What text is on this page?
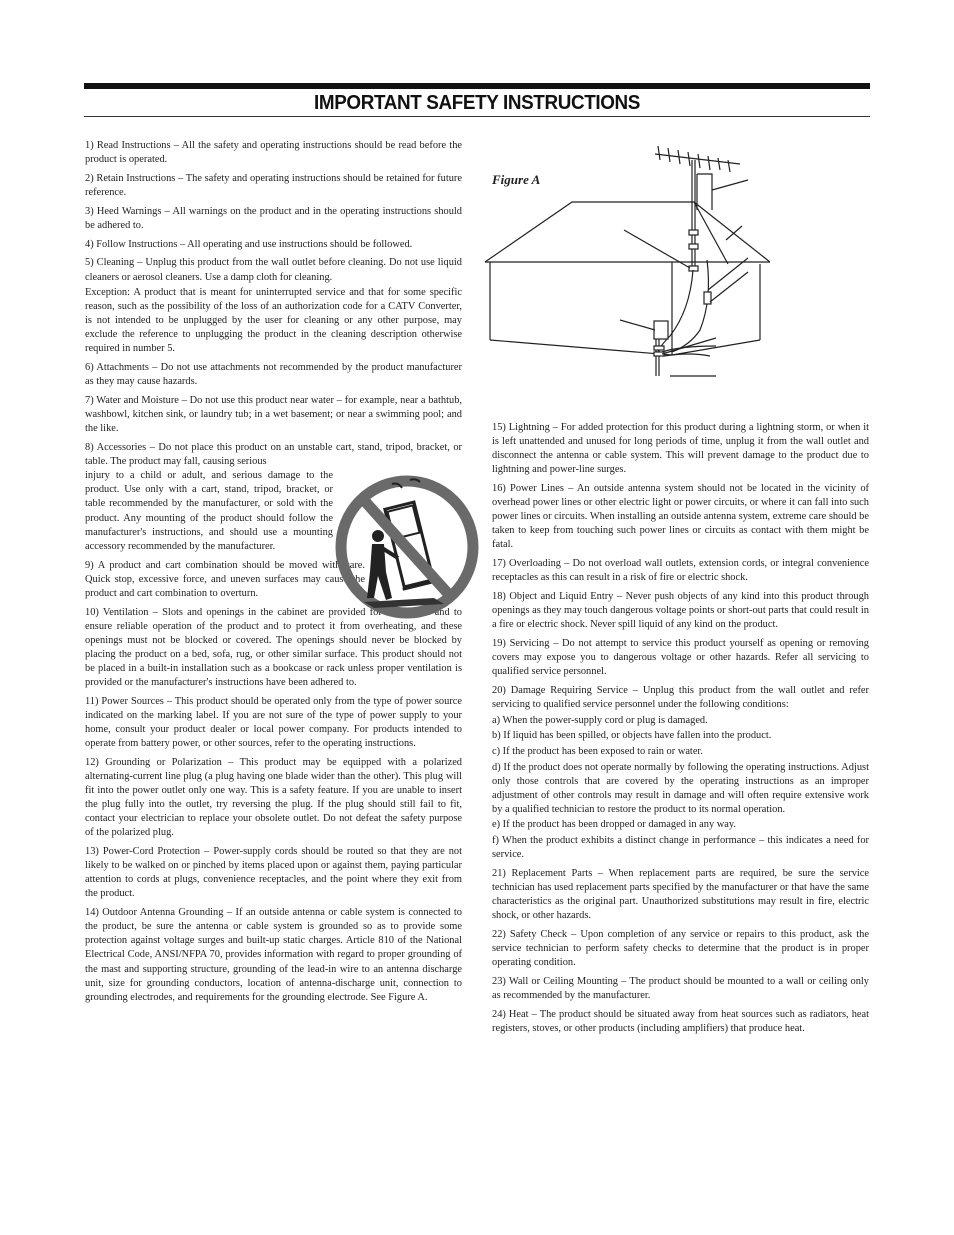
IMPORTANT SAFETY INSTRUCTIONS

1) Read Instructions – All the safety and operating instructions should be read before the product is operated.

2) Retain Instructions – The safety and operating instructions should be retained for future reference.

3) Heed Warnings – All warnings on the product and in the operating instructions should be adhered to.

4) Follow Instructions – All operating and use instructions should be followed.

5) Cleaning – Unplug this product from the wall outlet before cleaning. Do not use liquid cleaners or aerosol cleaners. Use a damp cloth for cleaning.

Exception: A product that is meant for uninterrupted service and that for some specific reason, such as the possibility of the loss of an authorization code for a CATV Converter, is not intended to be unplugged by the user for cleaning or any other purpose, may exclude the reference to unplugging the product in the cleaning description otherwise required in number 5.

6) Attachments – Do not use attachments not recommended by the product manufacturer as they may cause hazards.

7) Water and Moisture – Do not use this product near water – for example, near a bathtub, washbowl, kitchen sink, or laundry tub; in a wet basement; or near a swimming pool; and the like.

8) Accessories – Do not place this product on an unstable cart, stand, tripod, bracket, or table. The product may fall, causing serious

injury to a child or adult, and serious damage to the product. Use only with a cart, stand, tripod, bracket, or table recommended by the manufacturer, or sold with the product. Any mounting of the product should follow the manufacturer's instructions, and should use a mounting accessory recommended by the manufacturer.

9) A product and cart combination should be moved with care. Quick stop, excessive force, and uneven surfaces may cause the product and cart combination to overturn.

10) Ventilation – Slots and openings in the cabinet are provided for ventilation and to ensure reliable operation of the product and to protect it from overheating, and these openings must not be blocked or covered. The openings should never be blocked by placing the product on a bed, sofa, rug, or other similar surface. This product should not be placed in a built-in installation such as a bookcase or rack unless proper ventilation is provided or the manufacturer's instructions have been adhered to.

11) Power Sources – This product should be operated only from the type of power source indicated on the marking label. If you are not sure of the type of power supply to your home, consult your product dealer or local power company. For products intended to operate from battery power, or other sources, refer to the operating instructions.

12) Grounding or Polarization – This product may be equipped with a polarized alternating-current line plug (a plug having one blade wider than the other). This plug will fit into the power outlet only one way. This is a safety feature. If you are unable to insert the plug fully into the outlet, try reversing the plug. If the plug should still fail to fit, contact your electrician to replace your obsolete outlet. Do not defeat the safety purpose of the polarized plug.

13) Power-Cord Protection – Power-supply cords should be routed so that they are not likely to be walked on or pinched by items placed upon or against them, paying particular attention to cords at plugs, convenience receptacles, and the point where they exit from the product.

14) Outdoor Antenna Grounding – If an outside antenna or cable system is connected to the product, be sure the antenna or cable system is grounded so as to provide some protection against voltage surges and built-up static charges. Article 810 of the National Electrical Code, ANSI/NFPA 70, provides information with regard to proper grounding of the mast and supporting structure, grounding of the lead-in wire to an antenna discharge unit, size for grounding conductors, location of antenna-discharge unit, connection to grounding electrodes, and requirements for the grounding electrode. See Figure A.

Figure A

15) Lightning – For added protection for this product during a lightning storm, or when it is left unattended and unused for long periods of time, unplug it from the wall outlet and disconnect the antenna or cable system. This will prevent damage to the product due to lightning and power-line surges.

16) Power Lines – An outside antenna system should not be located in the vicinity of overhead power lines or other electric light or power circuits, or where it can fall into such power lines or circuits. When installing an outside antenna system, extreme care should be taken to keep from touching such power lines or circuits as contact with them might be fatal.

17) Overloading – Do not overload wall outlets, extension cords, or integral convenience receptacles as this can result in a risk of fire or electric shock.

18) Object and Liquid Entry – Never push objects of any kind into this product through openings as they may touch dangerous voltage points or short-out parts that could result in a fire or electric shock. Never spill liquid of any kind on the product.

19) Servicing – Do not attempt to service this product yourself as opening or removing covers may expose you to dangerous voltage or other hazards. Refer all servicing to qualified service personnel.

20) Damage Requiring Service – Unplug this product from the wall outlet and refer servicing to qualified service personnel under the following conditions:

a) When the power-supply cord or plug is damaged.

b) If liquid has been spilled, or objects have fallen into the product.

c) If the product has been exposed to rain or water.

d) If the product does not operate normally by following the operating instructions. Adjust only those controls that are covered by the operating instructions as an improper adjustment of other controls may result in damage and will often require extensive work by a qualified technician to restore the product to its normal operation.

e) If the product has been dropped or damaged in any way.

f) When the product exhibits a distinct change in performance – this indicates a need for service.

21) Replacement Parts – When replacement parts are required, be sure the service technician has used replacement parts specified by the manufacturer or that have the same characteristics as the original part. Unauthorized substitutions may result in fire, electric shock, or other hazards.

22) Safety Check – Upon completion of any service or repairs to this product, ask the service technician to perform safety checks to determine that the product is in proper operating condition.

23) Wall or Ceiling Mounting – The product should be mounted to a wall or ceiling only as recommended by the manufacturer.

24) Heat – The product should be situated away from heat sources such as radiators, heat registers, stoves, or other products (including amplifiers) that produce heat.
